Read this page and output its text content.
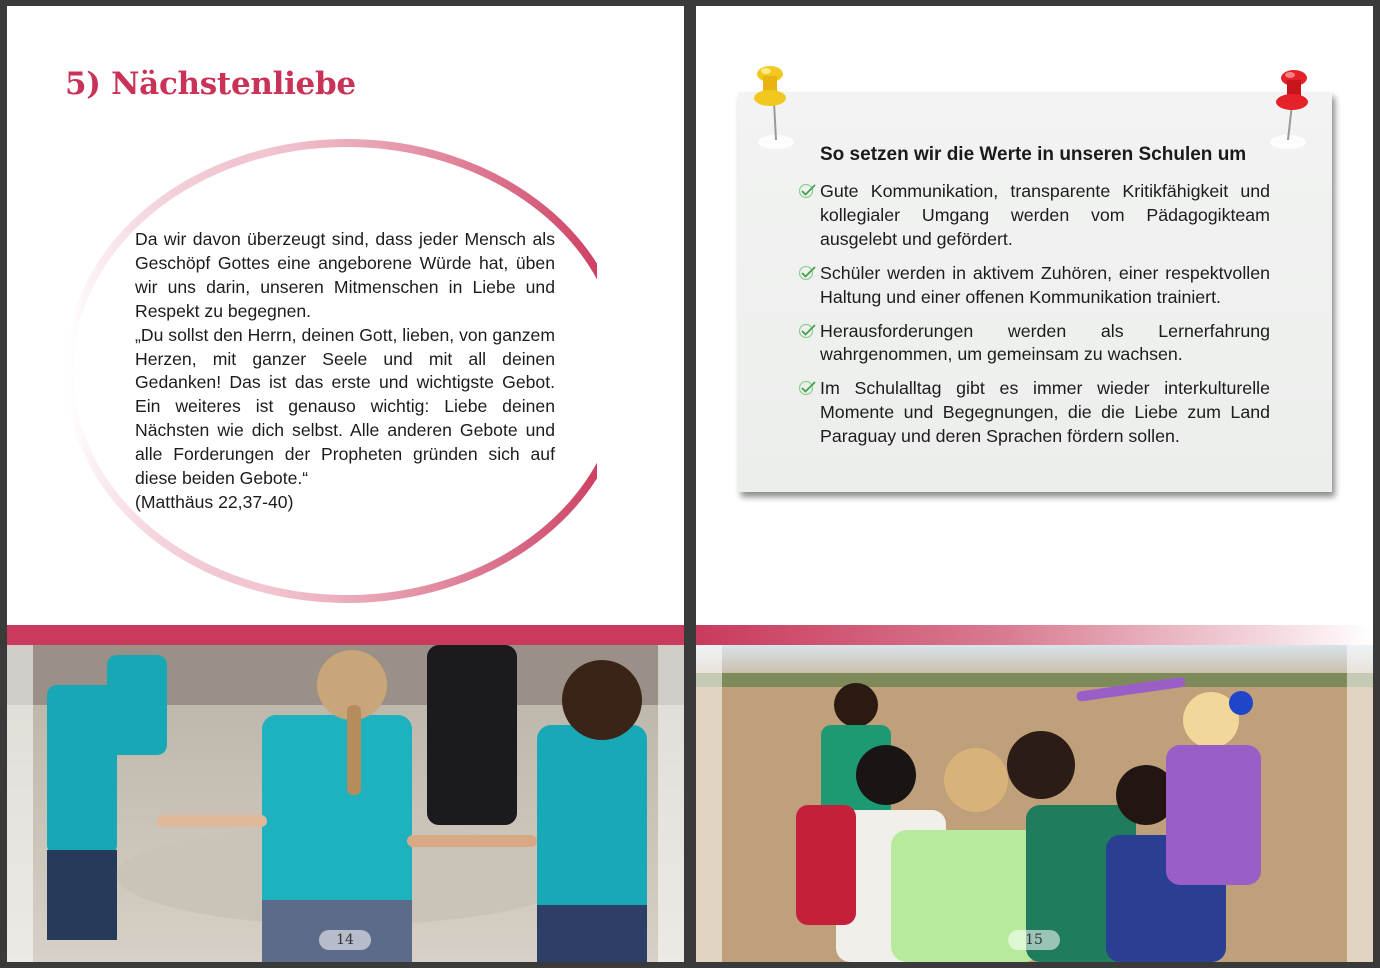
5) Nächstenliebe

Da wir davon überzeugt sind, dass jeder Mensch als Geschöpf Gottes eine angeborene Würde hat, üben wir uns darin, unseren Mitmenschen in Liebe und Respekt zu begegnen.

„Du sollst den Herrn, deinen Gott, lieben, von ganzem Herzen, mit ganzer Seele und mit all deinen Gedanken! Das ist das erste und wichtigste Gebot. Ein weiteres ist genauso wichtig: Liebe deinen Nächsten wie dich selbst. Alle anderen Gebote und alle Forderungen der Propheten gründen sich auf diese beiden Gebote.“

(Matthäus 22,37-40)

14
So setzen wir die Werte in unseren Schulen um
Gute Kommunikation, transparente Kritikfähigkeit und kollegialer Umgang werden vom Pädagogikteam ausgelebt und gefördert.
Schüler werden in aktivem Zuhören, einer respektvollen Haltung und einer offenen Kommunikation trainiert.
Herausforderungen werden als Lernerfahrung wahrgenommen, um gemeinsam zu wachsen.
Im Schulalltag gibt es immer wieder interkulturelle Momente und Begegnungen, die die Liebe zum Land Paraguay und deren Sprachen fördern sollen.
15
